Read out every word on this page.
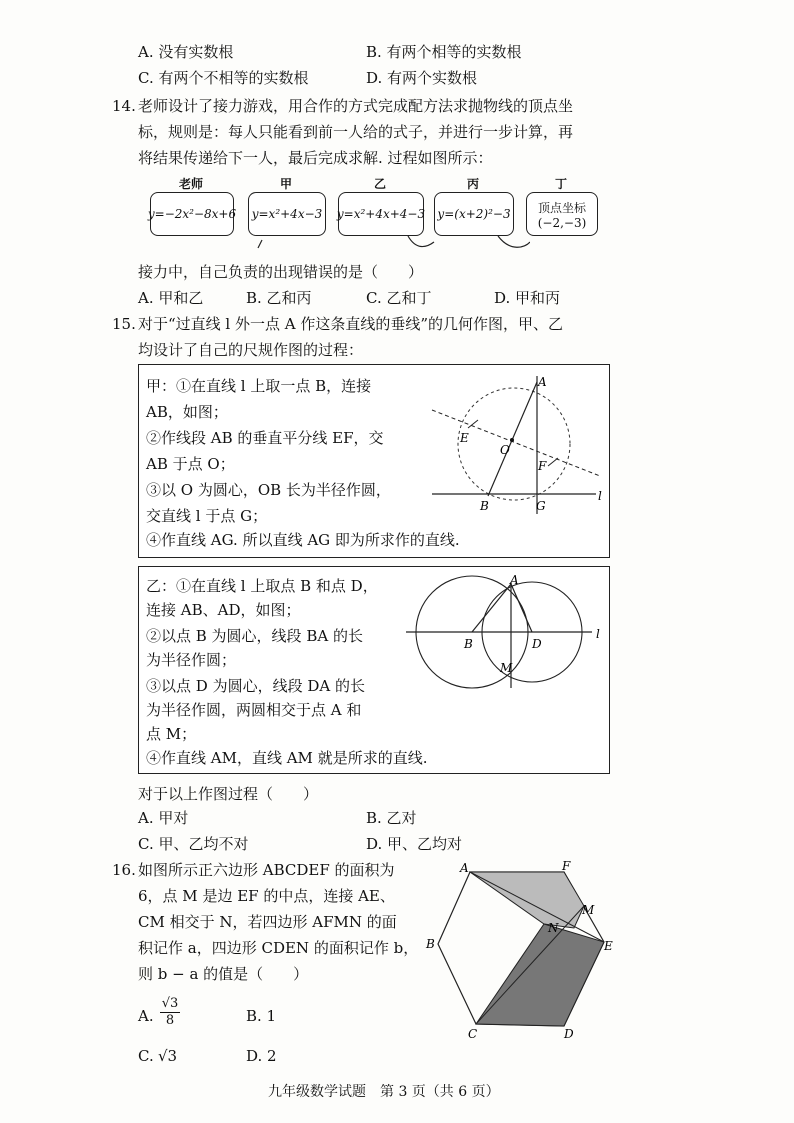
A. 没有实数根	B. 有两个相等的实数根
C. 有两个不相等的实数根	D. 有两个实数根
14. 老师设计了接力游戏，用合作的方式完成配方法求抛物线的顶点坐
标，规则是：每人只能看到前一人给的式子，并进行一步计算，再
将结果传递给下一人，最后完成求解. 过程如图所示：
老师	甲	乙	丙	丁
y=−2x²−8x+6 y=x²+4x−3 y=x²+4x+4−3 y=(x+2)²−3 顶点坐标
(−2,−3)
接力中，自己负责的出现错误的是（　　）
A. 甲和乙	B. 乙和丙	C. 乙和丁	D. 甲和丙
15. 对于“过直线 l 外一点 A 作这条直线的垂线”的几何作图，甲、乙
均设计了自己的尺规作图的过程：
甲：①在直线 l 上取一点 B，连接
AB，如图；
②作线段 AB 的垂直平分线 EF，交
AB 于点 O；
③以 O 为圆心，OB 长为半径作圆，
交直线 l 于点 G；
④作直线 AG. 所以直线 AG 即为所求作的直线.
A
E
O
F
B	G
l
乙：①在直线 l 上取点 B 和点 D，
连接 AB、AD，如图；
②以点 B 为圆心，线段 BA 的长
为半径作圆；
③以点 D 为圆心，线段 DA 的长
为半径作圆，两圆相交于点 A 和
点 M；
④作直线 AM，直线 AM 就是所求的直线.
A
B	D
M
l
对于以上作图过程（　　）
A. 甲对	B. 乙对
C. 甲、乙均不对	D. 甲、乙均对
16. 如图所示正六边形 ABCDEF 的面积为
6，点 M 是边 EF 的中点，连接 AE、
CM 相交于 N，若四边形 AFMN 的面
积记作 a，四边形 CDEN 的面积记作 b，
则 b − a 的值是（　　）
A.
√3
8	B. 1
C. √3	D. 2
A	F
M
N
E
B
C	D
九年级数学试题　第 3 页（共 6 页）
